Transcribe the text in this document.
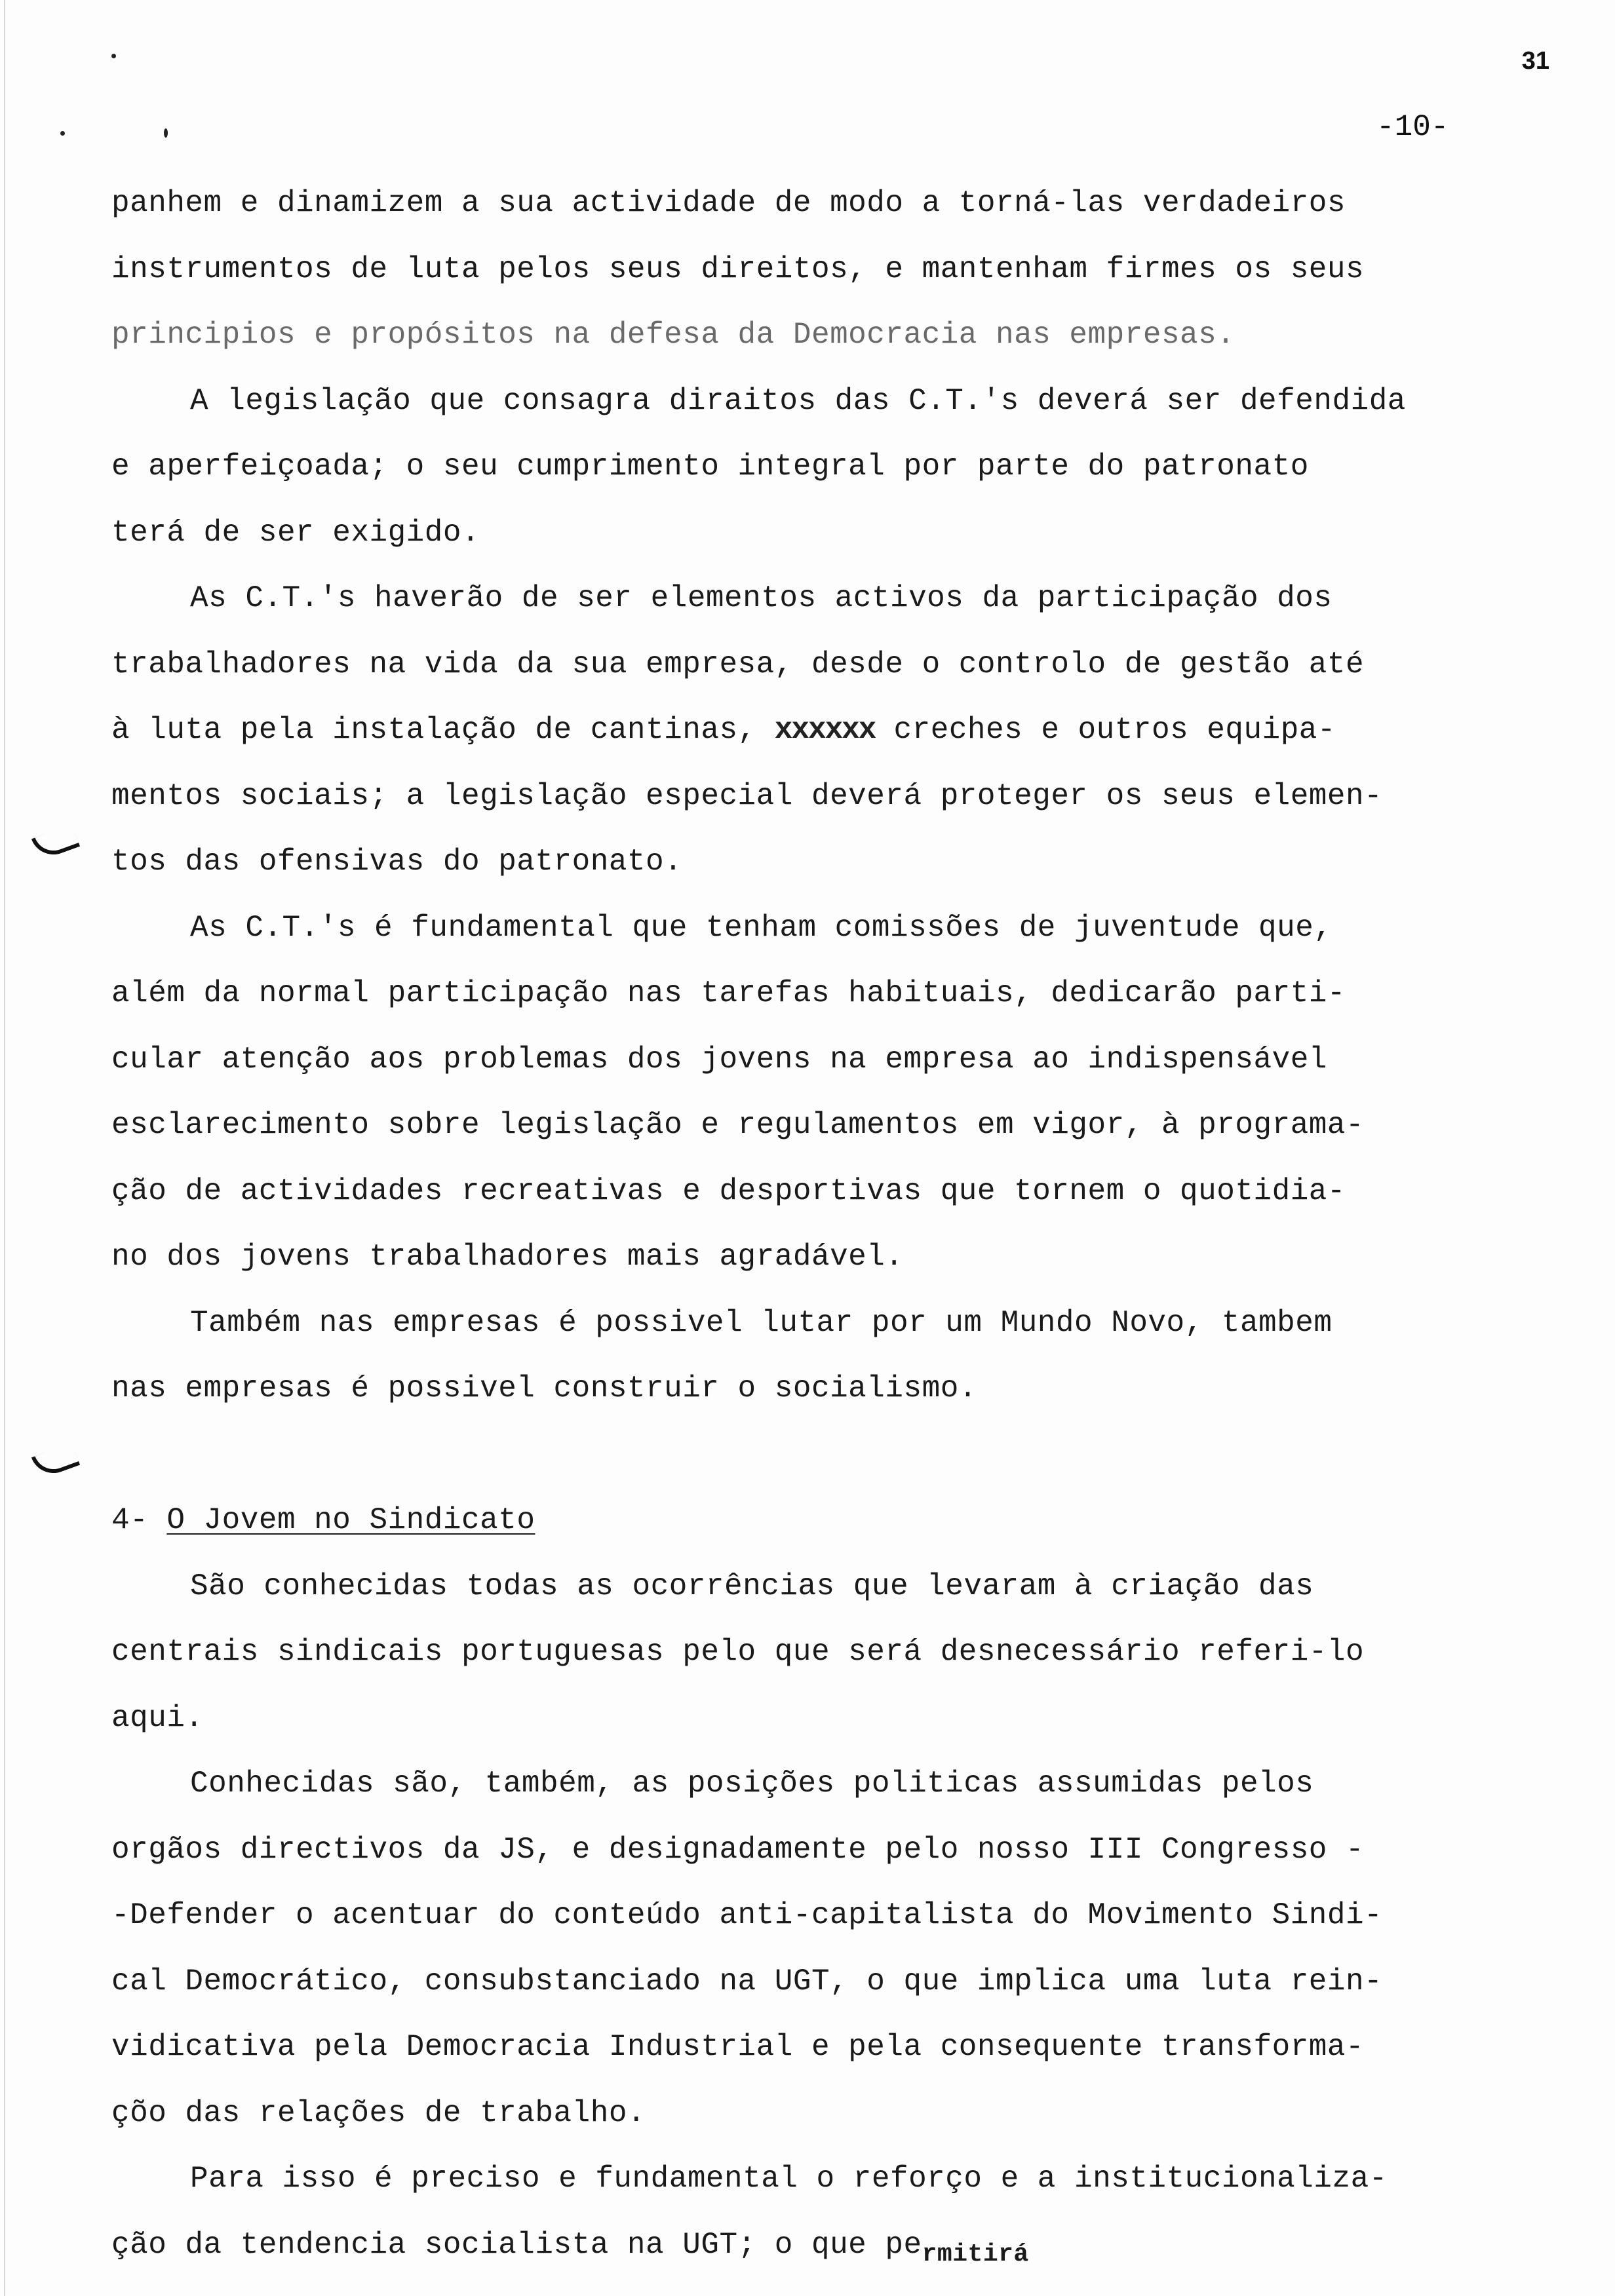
31
-10-
panhem e dinamizem a sua actividade de modo a torná-las verdadeiros
instrumentos de luta pelos seus direitos, e mantenham firmes os seus
principios e propósitos na defesa da Democracia nas empresas.
A legislação que consagra diraitos das C.T.'s deverá ser defendida
e aperfeiçoada; o seu cumprimento integral por parte do patronato
terá de ser exigido.
As C.T.'s haverão de ser elementos activos da participação dos
trabalhadores na vida da sua empresa, desde o controlo de gestão até
à luta pela instalação de cantinas, xxxxxx creches e outros equipa-
mentos sociais; a legislação especial deverá proteger os seus elemen-
tos das ofensivas do patronato.
As C.T.'s é fundamental que tenham comissões de juventude que,
além da normal participação nas tarefas habituais, dedicarão parti-
cular atenção aos problemas dos jovens na empresa ao indispensável
esclarecimento sobre legislação e regulamentos em vigor, à programa-
ção de actividades recreativas e desportivas que tornem o quotidia-
no dos jovens trabalhadores mais agradável.
Também nas empresas é possivel lutar por um Mundo Novo, tambem
nas empresas é possivel construir o socialismo.
4- O Jovem no Sindicato
São conhecidas todas as ocorrências que levaram à criação das
centrais sindicais portuguesas pelo que será desnecessário referi-lo
aqui.
Conhecidas são, também, as posições politicas assumidas pelos
orgãos directivos da JS, e designadamente pelo nosso III Congresso -
-Defender o acentuar do conteúdo anti-capitalista do Movimento Sindi-
cal Democrático, consubstanciado na UGT, o que implica uma luta rein-
vidicativa pela Democracia Industrial e pela consequente transforma-
çõo das relações de trabalho.
Para isso é preciso e fundamental o reforço e a institucionaliza-
ção da tendencia socialista na UGT; o que $pe_{rmitirá}$
